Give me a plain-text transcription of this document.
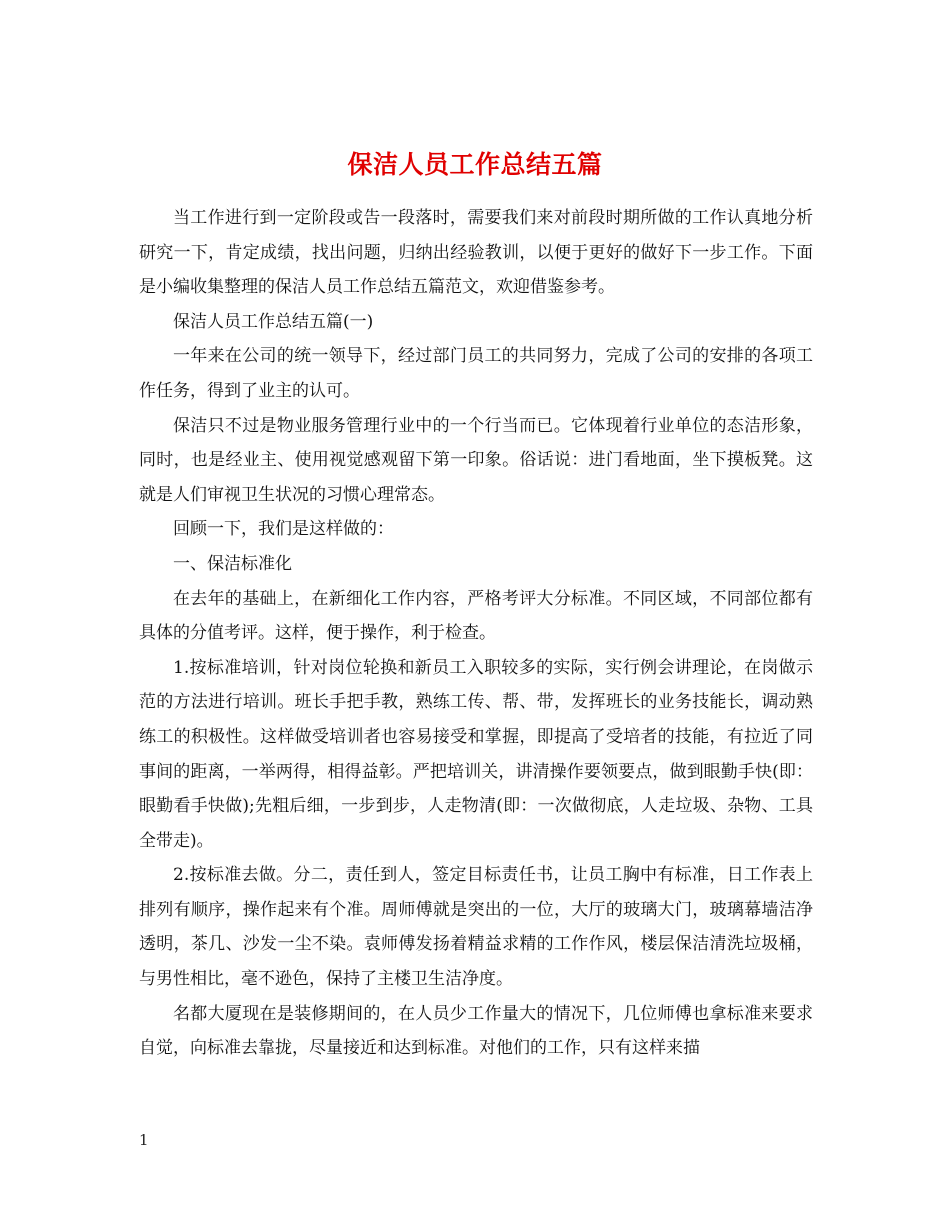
保洁人员工作总结五篇

当工作进行到一定阶段或告一段落时，需要我们来对前段时期所做的工作认真地分析研究一下，肯定成绩，找出问题，归纳出经验教训，以便于更好的做好下一步工作。下面是小编收集整理的保洁人员工作总结五篇范文，欢迎借鉴参考。

保洁人员工作总结五篇(一)

一年来在公司的统一领导下，经过部门员工的共同努力，完成了公司的安排的各项工作任务，得到了业主的认可。

保洁只不过是物业服务管理行业中的一个行当而已。它体现着行业单位的态洁形象，同时，也是经业主、使用视觉感观留下第一印象。俗话说：进门看地面，坐下摸板凳。这就是人们审视卫生状况的习惯心理常态。

回顾一下，我们是这样做的：

一、保洁标准化

在去年的基础上，在新细化工作内容，严格考评大分标准。不同区域，不同部位都有具体的分值考评。这样，便于操作，利于检查。

1.按标准培训，针对岗位轮换和新员工入职较多的实际，实行例会讲理论，在岗做示范的方法进行培训。班长手把手教，熟练工传、帮、带，发挥班长的业务技能长，调动熟练工的积极性。这样做受培训者也容易接受和掌握，即提高了受培者的技能，有拉近了同事间的距离，一举两得，相得益彰。严把培训关，讲清操作要领要点，做到眼勤手快(即：眼勤看手快做);先粗后细，一步到步，人走物清(即：一次做彻底，人走垃圾、杂物、工具全带走)。

2.按标准去做。分二，责任到人，签定目标责任书，让员工胸中有标准，日工作表上排列有顺序，操作起来有个准。周师傅就是突出的一位，大厅的玻璃大门，玻璃幕墙洁净透明，茶几、沙发一尘不染。袁师傅发扬着精益求精的工作作风，楼层保洁清洗垃圾桶，与男性相比，毫不逊色，保持了主楼卫生洁净度。

名都大厦现在是装修期间的，在人员少工作量大的情况下，几位师傅也拿标准来要求自觉，向标准去靠拢，尽量接近和达到标准。对他们的工作，只有这样来描

1
